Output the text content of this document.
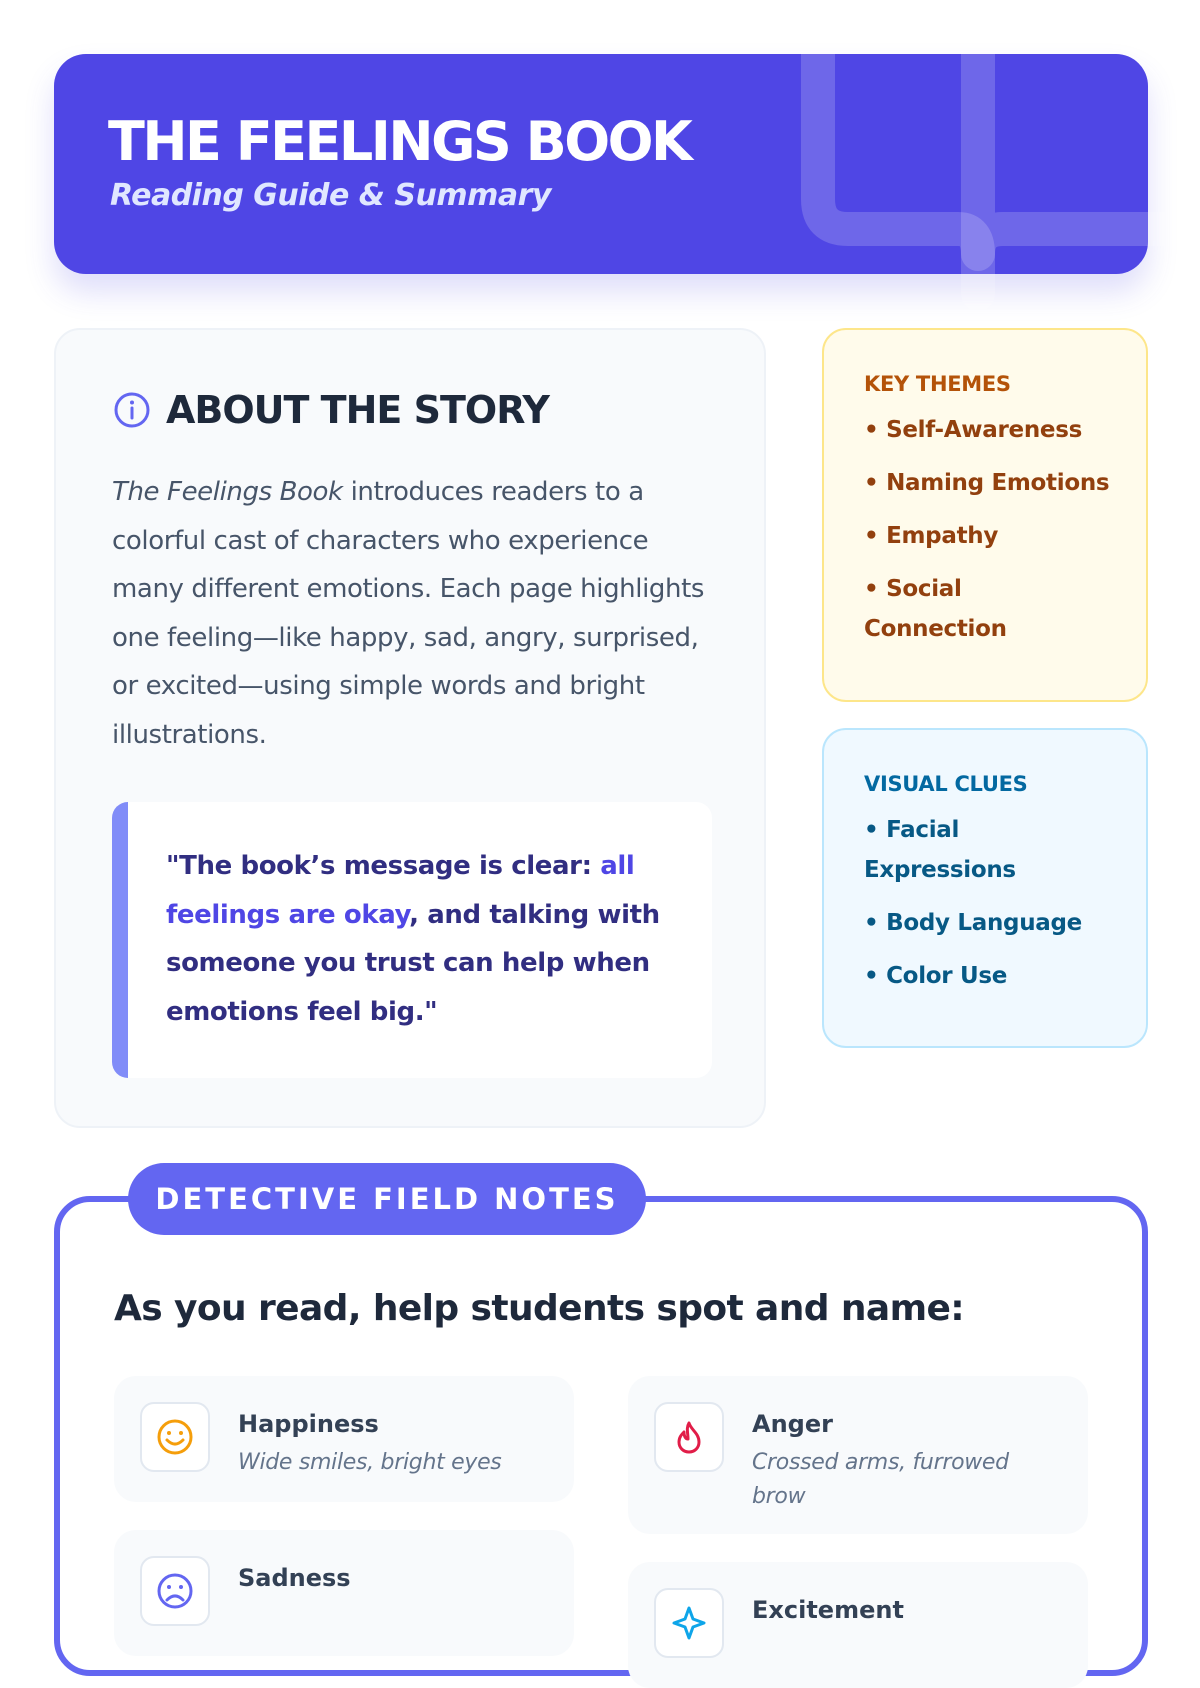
THE FEELINGS BOOK
Reading Guide & Summary
ABOUT THE STORY

The Feelings Book introduces readers to a colorful cast of characters who experience many different emotions. Each page highlights one feeling—like happy, sad, angry, surprised, or excited—using simple words and bright illustrations.

"The book’s message is clear: all feelings are okay, and talking with someone you trust can help when emotions feel big."
KEY THEMES
• Self-Awareness
• Naming Emotions
• Empathy
• Social Connection
VISUAL CLUES
• Facial Expressions
• Body Language
• Color Use
DETECTIVE FIELD NOTES
As you read, help students spot and name:
Happiness
Wide smiles, bright eyes
Anger
Crossed arms, furrowed brow
Sadness
Excitement
